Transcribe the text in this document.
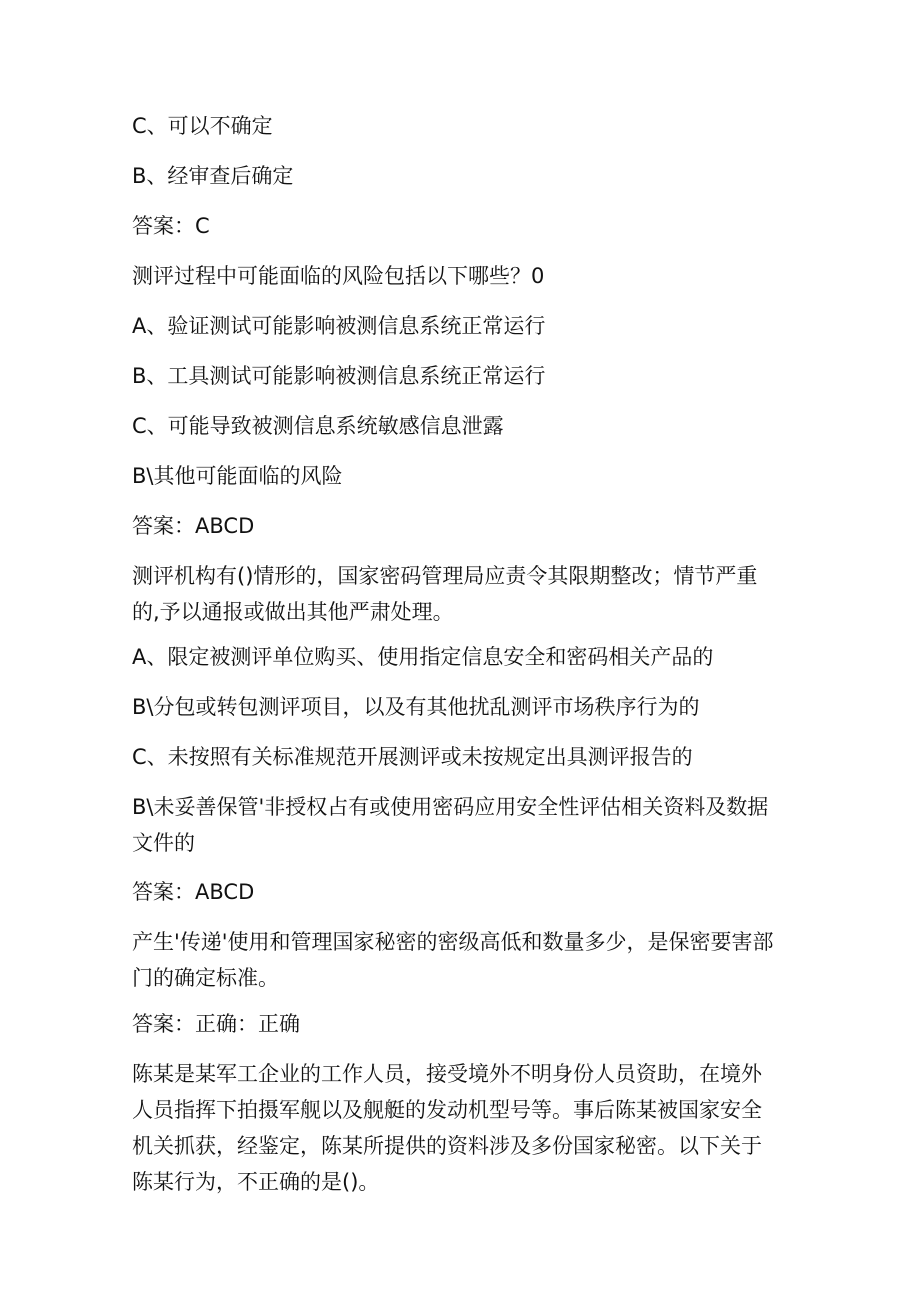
C、可以不确定

B、经审查后确定

答案：C

测评过程中可能面临的风险包括以下哪些？0

A、验证测试可能影响被测信息系统正常运行

B、工具测试可能影响被测信息系统正常运行

C、可能导致被测信息系统敏感信息泄露

B\其他可能面临的风险

答案：ABCD

测评机构有()情形的，国家密码管理局应责令其限期整改；情节严重的,予以通报或做出其他严肃处理。

A、限定被测评单位购买、使用指定信息安全和密码相关产品的

B\分包或转包测评项目，以及有其他扰乱测评市场秩序行为的

C、未按照有关标准规范开展测评或未按规定出具测评报告的

B\未妥善保管'非授权占有或使用密码应用安全性评估相关资料及数据文件的

答案：ABCD

产生'传递'使用和管理国家秘密的密级高低和数量多少，是保密要害部门的确定标准。

答案：正确：正确

陈某是某军工企业的工作人员，接受境外不明身份人员资助，在境外人员指挥下拍摄军舰以及舰艇的发动机型号等。事后陈某被国家安全机关抓获，经鉴定，陈某所提供的资料涉及多份国家秘密。以下关于陈某行为，不正确的是()。
